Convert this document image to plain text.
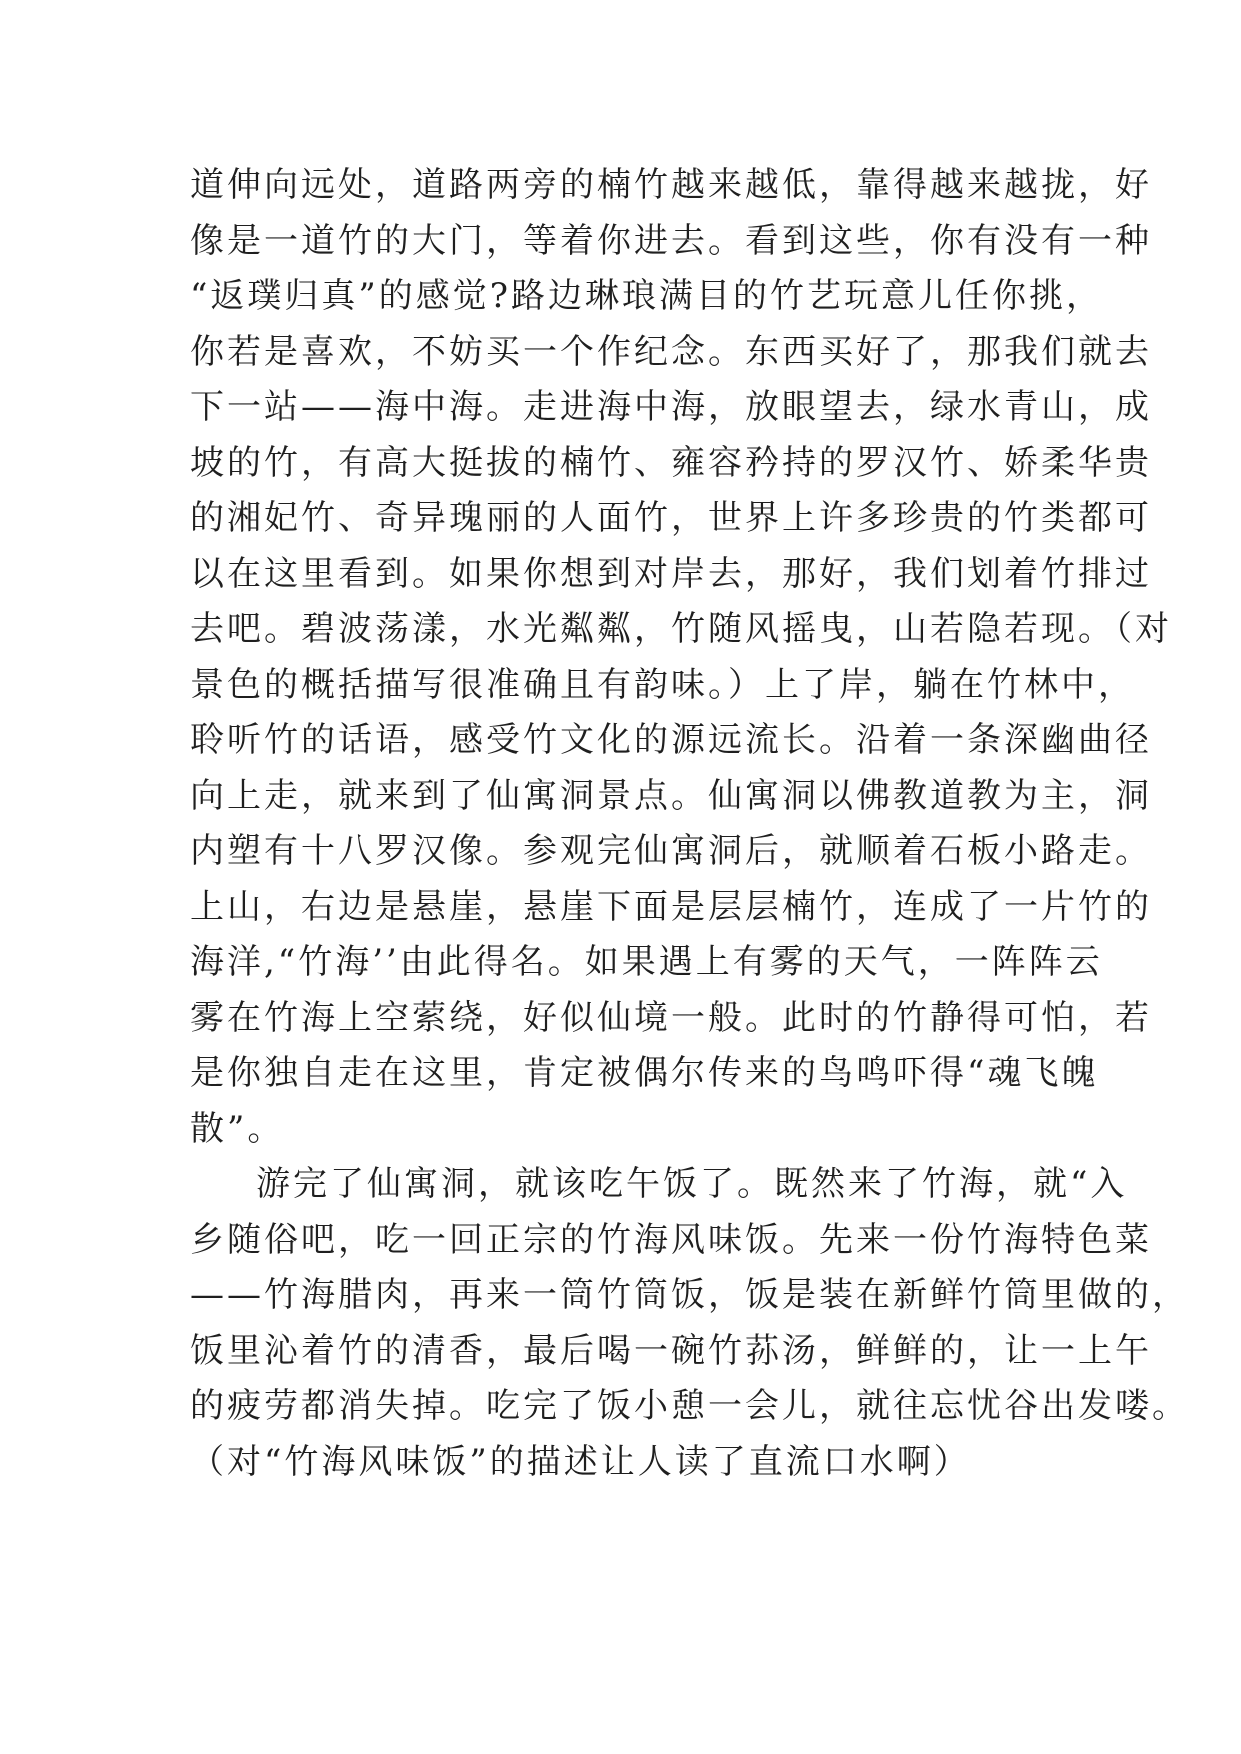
道伸向远处，道路两旁的楠竹越来越低，靠得越来越拢，好

像是一道竹的大门，等着你进去。看到这些，你有没有一种

“返璞归真”的感觉?路边琳琅满目的竹艺玩意儿任你挑，

你若是喜欢，不妨买一个作纪念。东西买好了，那我们就去

下一站——海中海。走进海中海，放眼望去，绿水青山，成

坡的竹，有高大挺拔的楠竹、雍容矜持的罗汉竹、娇柔华贵

的湘妃竹、奇异瑰丽的人面竹，世界上许多珍贵的竹类都可

以在这里看到。如果你想到对岸去，那好，我们划着竹排过

去吧。碧波荡漾，水光粼粼，竹随风摇曳，山若隐若现。（对

景色的概括描写很准确且有韵味。）上了岸，躺在竹林中，

聆听竹的话语，感受竹文化的源远流长。沿着一条深幽曲径

向上走，就来到了仙寓洞景点。仙寓洞以佛教道教为主，洞

内塑有十八罗汉像。参观完仙寓洞后，就顺着石板小路走。

上山，右边是悬崖，悬崖下面是层层楠竹，连成了一片竹的

海洋,“竹海’’由此得名。如果遇上有雾的天气，一阵阵云

雾在竹海上空萦绕，好似仙境一般。此时的竹静得可怕，若

是你独自走在这里，肯定被偶尔传来的鸟鸣吓得“魂飞魄

散”。

游完了仙寓洞，就该吃午饭了。既然来了竹海，就“入

乡随俗吧，吃一回正宗的竹海风味饭。先来一份竹海特色菜

——竹海腊肉，再来一筒竹筒饭，饭是装在新鲜竹筒里做的，

饭里沁着竹的清香，最后喝一碗竹荪汤，鲜鲜的，让一上午

的疲劳都消失掉。吃完了饭小憩一会儿，就往忘忧谷出发喽。

（对“竹海风味饭”的描述让人读了直流口水啊）
